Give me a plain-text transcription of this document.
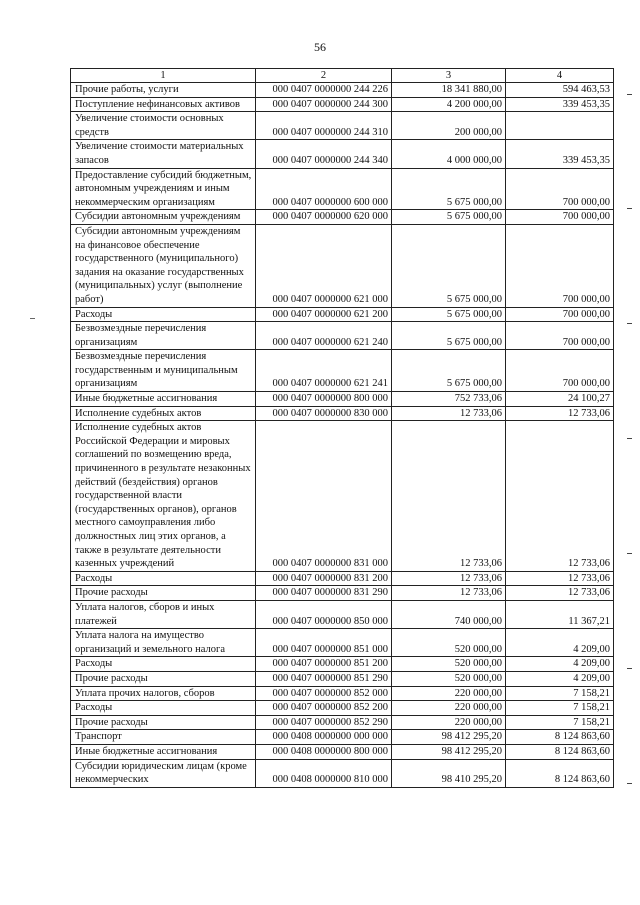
56
1	2	3	4
Прочие работы, услуги	000 0407 0000000 244 226	18 341 880,00	594 463,53
Поступление нефинансовых активов	000 0407 0000000 244 300	4 200 000,00	339 453,35
Увеличение стоимости основных средств	000 0407 0000000 244 310	200 000,00	
Увеличение стоимости материальных запасов	000 0407 0000000 244 340	4 000 000,00	339 453,35
Предоставление субсидий бюджетным, автономным учреждениям и иным некоммерческим организациям	000 0407 0000000 600 000	5 675 000,00	700 000,00
Субсидии автономным учреждениям	000 0407 0000000 620 000	5 675 000,00	700 000,00
Субсидии автономным учреждениям на финансовое обеспечение государственного (муниципального) задания на оказание государственных (муниципальных) услуг (выполнение работ)	000 0407 0000000 621 000	5 675 000,00	700 000,00
Расходы	000 0407 0000000 621 200	5 675 000,00	700 000,00
Безвозмездные перечисления организациям	000 0407 0000000 621 240	5 675 000,00	700 000,00
Безвозмездные перечисления государственным и муниципальным организациям	000 0407 0000000 621 241	5 675 000,00	700 000,00
Иные бюджетные ассигнования	000 0407 0000000 800 000	752 733,06	24 100,27
Исполнение судебных актов	000 0407 0000000 830 000	12 733,06	12 733,06
Исполнение судебных актов Российской Федерации и мировых соглашений по возмещению вреда, причиненного в результате незаконных действий (бездействия) органов государственной власти (государственных органов), органов местного самоуправления либо должностных лиц этих органов, а также в результате деятельности казенных учреждений	000 0407 0000000 831 000	12 733,06	12 733,06
Расходы	000 0407 0000000 831 200	12 733,06	12 733,06
Прочие расходы	000 0407 0000000 831 290	12 733,06	12 733,06
Уплата налогов, сборов и иных платежей	000 0407 0000000 850 000	740 000,00	11 367,21
Уплата налога на имущество организаций и земельного налога	000 0407 0000000 851 000	520 000,00	4 209,00
Расходы	000 0407 0000000 851 200	520 000,00	4 209,00
Прочие расходы	000 0407 0000000 851 290	520 000,00	4 209,00
Уплата прочих налогов, сборов	000 0407 0000000 852 000	220 000,00	7 158,21
Расходы	000 0407 0000000 852 200	220 000,00	7 158,21
Прочие расходы	000 0407 0000000 852 290	220 000,00	7 158,21
Транспорт	000 0408 0000000 000 000	98 412 295,20	8 124 863,60
Иные бюджетные ассигнования	000 0408 0000000 800 000	98 412 295,20	8 124 863,60
Субсидии юридическим лицам (кроме некоммерческих	000 0408 0000000 810 000	98 410 295,20	8 124 863,60
